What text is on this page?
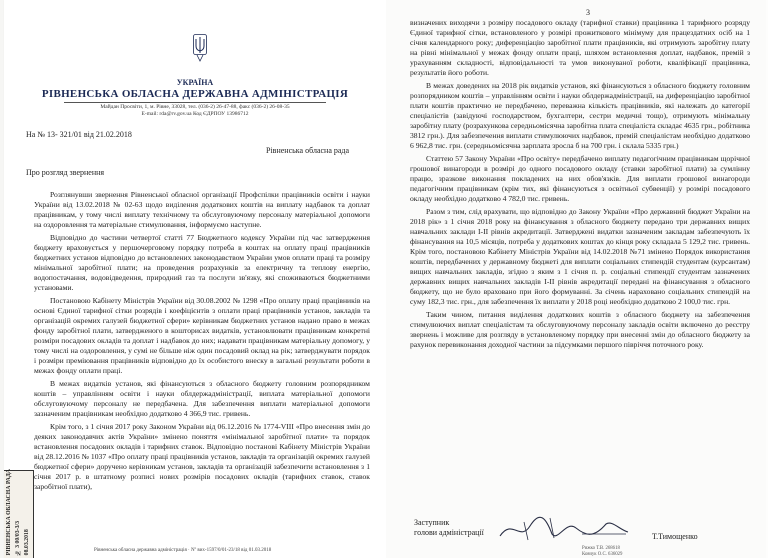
УКРАЇНА
РІВНЕНСЬКА ОБЛАСНА ДЕРЖАВНА АДМІНІСТРАЦІЯ
Майдан Просвіти, 1, м. Рівне, 33028, тел. (036-2) 26-47-88, факс (036-2) 26-08-35
E-mail: rda@rv.gov.ua Код ЄДРПОУ 13986712
На № 13- 321/01 від 21.02.2018
Рівненська обласна рада
Про розгляд звернення

Розглянувши звернення Рівненської обласної організації Профспілки працівників освіти і науки України від 13.02.2018 № 02-63 щодо виділення додаткових коштів на виплату надбавок та доплат працівникам, у тому числі виплату технічному та обслуговуючому персоналу матеріальної допомоги на оздоровлення та матеріальне стимулювання, інформуємо наступне.

Відповідно до частини четвертої статті 77 Бюджетного кодексу України під час затвердження бюджету враховується у першочерговому порядку потреба в коштах на оплату праці працівників бюджетних установ відповідно до встановлених законодавством України умов оплати праці та розміру мінімальної заробітної плати; на проведення розрахунків за електричну та теплову енергію, водопостачання, водовідведення, природний газ та послуги зв'язку, які споживаються бюджетними установами.

Постановою Кабінету Міністрів України від 30.08.2002 № 1298 «Про оплату праці працівників на основі Єдиної тарифної сітки розрядів і коефіцієнтів з оплати праці працівників установ, закладів та організацій окремих галузей бюджетної сфери» керівникам бюджетних установ надано право в межах фонду заробітної плати, затвердженого в кошторисах видатків, установлювати працівникам конкретні розміри посадових окладів та доплат і надбавок до них; надавати працівникам матеріальну допомогу, у тому числі на оздоровлення, у сумі не більше ніж один посадовий оклад на рік; затверджувати порядок і розміри преміювання працівників відповідно до їх особистого внеску в загальні результати роботи в межах фонду оплати праці.

В межах видатків установ, які фінансуються з обласного бюджету головним розпорядником коштів – управлінням освіти і науки облдержадміністрації, виплата матеріальної допомоги обслуговуючому персоналу не передбачена. Для забезпечення виплати матеріальної допомоги зазначеним працівникам необхідно додатково 4 366,9 тис. гривень.

Крім того, з 1 січня 2017 року Законом України від 06.12.2016 № 1774-VIII «Про внесення змін до деяких законодавчих актів України» змінено поняття «мінімальної заробітної плати» та порядок встановлення посадових окладів і тарифних ставок. Відповідно постанові Кабінету Міністрів України від 28.12.2016 № 1037 «Про оплату праці працівників установ, закладів та організацій окремих галузей бюджетної сфери» доручено керівникам установ, закладів та організацій забезпечити встановлення з 1 січня 2017 р. в штатному розписі нових розмірів посадових окладів (тарифних ставок, ставок заробітної плати),

РІВНЕНСЬКА ОБЛАСНА РАДА № 3 00/03-3/3 08.03.2018	Рівненська обласна державна адміністрація · Nº вих-1597/0/01-23/18 від 01.03.2018
3

визначених виходячи з розміру посадового окладу (тарифної ставки) працівника 1 тарифного розряду Єдиної тарифної сітки, встановленого у розмірі прожиткового мінімуму для працездатних осіб на 1 січня календарного року; диференціацію заробітної плати працівників, які отримують заробітну плату на рівні мінімальної у межах фонду оплати праці, шляхом встановлення доплат, надбавок, премій з урахуванням складності, відповідальності та умов виконуваної роботи, кваліфікації працівника, результатів його роботи.

В межах доведених на 2018 рік видатків установ, які фінансуються з обласного бюджету головним розпорядником коштів – управлінням освіти і науки облдержадміністрації, на диференціацію заробітної плати коштів практично не передбачено, переважна кількість працівників, які належать до категорії спеціалістів (завідуючі господарством, бухгалтери, сестри медичні тощо), отримують мінімальну заробітну плату (розрахункова середньомісячна заробітна плата спеціаліста складає 4635 грн., робітника 3812 грн.). Для забезпечення виплати стимулюючих надбавок, премій спеціалістам необхідно додатково 6 962,8 тис. грн. (середньомісячна зарплата зросла б на 700 грн. і склала 5335 грн.)

Статтею 57 Закону України «Про освіту» передбачено виплату педагогічним працівникам щорічної грошової винагороди в розмірі до одного посадового окладу (ставки заробітної плати) за сумлінну працю, зразкове виконання покладених на них обов'язків. Для виплати грошової винагороди педагогічним працівникам (крім тих, які фінансуються з освітньої субвенції) у розмірі посадового окладу необхідно додатково 4 782,0 тис. гривень.

Разом з тим, слід врахувати, що відповідно до Закону України «Про державний бюджет України на 2018 рік» з 1 січня 2018 року на фінансування з обласного бюджету передано три державних вищих навчальних заклади I-II рівнів акредитації. Затверджені видатки зазначеним закладам забезпечують їх фінансування на 10,5 місяців, потреба у додаткових коштах до кінця року складала 5 129,2 тис. гривень. Крім того, постановою Кабінету Міністрів України від 14.02.2018 №71 змінено Порядок використання коштів, передбачених у державному бюджеті для виплати соціальних стипендій студентам (курсантам) вищих навчальних закладів, згідно з яким з 1 січня п. р. соціальні стипендії студентам зазначених державних вищих навчальних закладів I-II рівнів акредитації передані на фінансування з обласного бюджету, що не було враховано при його формуванні. За січень нараховано соціальних стипендій на суму 182,3 тис. грн., для забезпечення їх виплати у 2018 році необхідно додатково 2 100,0 тис. грн.

Таким чином, питання виділення додаткових коштів з обласного бюджету на забезпечення стимулюючих виплат спеціалістам та обслуговуючому персоналу закладів освіти включено до реєстру звернень і можливе для розгляду в установленому порядку при внесенні змін до обласного бюджету за рахунок перевиконання доходної частини за підсумками першого півріччя поточного року.

Заступник
голови адміністрації	Т.Тимощенко
Рижко Т.В. 268618
Ковчук О.С. 636029
